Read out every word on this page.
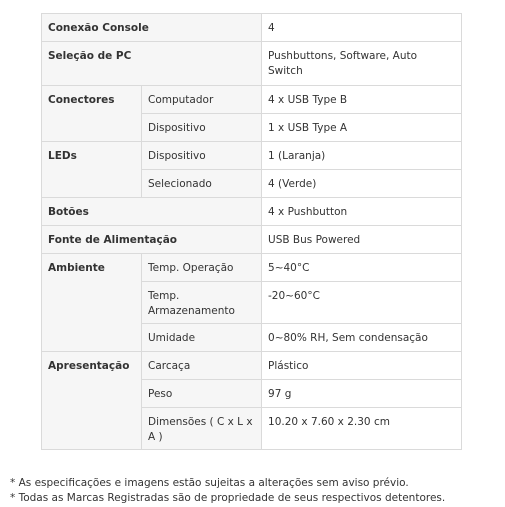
Conexão Console		4
Seleção de PC		Pushbuttons, Software, Auto Switch
Conectores	Computador	4 x USB Type B
	Dispositivo	1 x USB Type A
LEDs	Dispositivo	1 (Laranja)
	Selecionado	4 (Verde)
Botões		4 x Pushbutton
Fonte de Alimentação		USB Bus Powered
Ambiente	Temp. Operação	5~40°C
	Temp. Armazenamento	-20~60°C
	Umidade	0~80% RH, Sem condensação
Apresentação	Carcaça	Plástico
	Peso	97 g
	Dimensões ( C x L x A )	10.20 x 7.60 x 2.30 cm
* As especificações e imagens estão sujeitas a alterações sem aviso prévio.
* Todas as Marcas Registradas são de propriedade de seus respectivos detentores.
